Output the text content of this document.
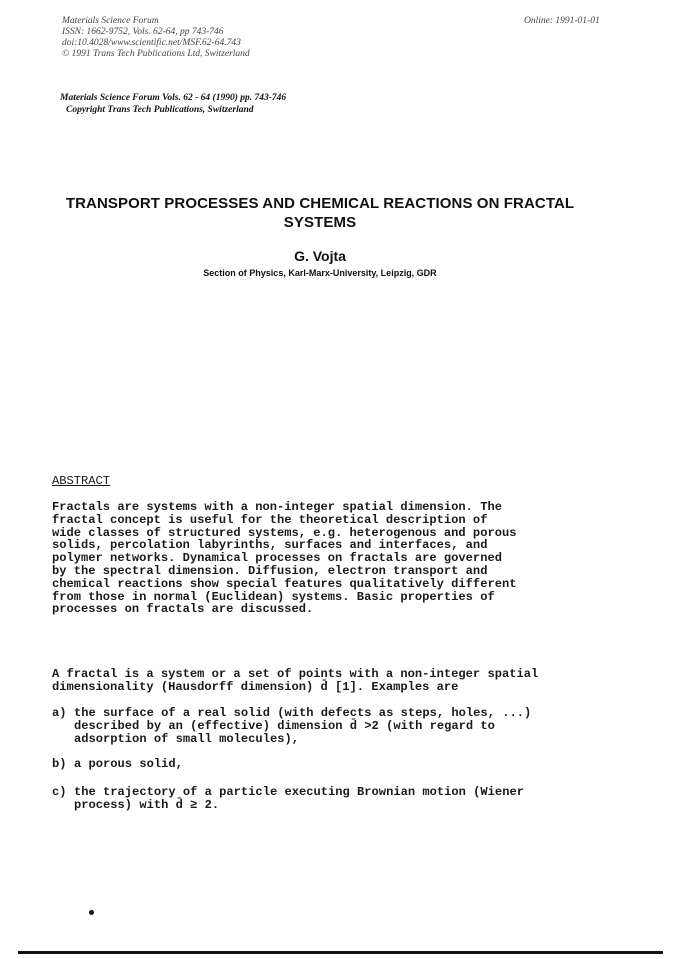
Materials Science Forum
ISSN: 1662-9752, Vols. 62-64, pp 743-746
doi:10.4028/www.scientific.net/MSF.62-64.743
© 1991 Trans Tech Publications Ltd, Switzerland
Online: 1991-01-01
Materials Science Forum Vols. 62 - 64 (1990) pp. 743-746
Copyright Trans Tech Publications, Switzerland
TRANSPORT PROCESSES AND CHEMICAL REACTIONS ON FRACTAL
SYSTEMS
G. Vojta
Section of Physics, Karl-Marx-University, Leipzig, GDR
ABSTRACT
Fractals are systems with a non-integer spatial dimension. The
fractal concept is useful for the theoretical description of
wide classes of structured systems, e.g. heterogenous and porous
solids, percolation labyrinths, surfaces and interfaces, and
polymer networks. Dynamical processes on fractals are governed
by the spectral dimension. Diffusion, electron transport and
chemical reactions show special features qualitatively different
from those in normal (Euclidean) systems. Basic properties of
processes on fractals are discussed.
A fractal is a system or a set of points with a non-integer spatial
dimensionality (Hausdorff dimension) d̄ [1]. Examples are
a) the surface of a real solid (with defects as steps, holes, ...)
described by an (effective) dimension d̄ >2 (with regard to
adsorption of small molecules),
b) a porous solid,
c) the trajectory of a particle executing Brownian motion (Wiener
process) with d̄ ≥ 2.
